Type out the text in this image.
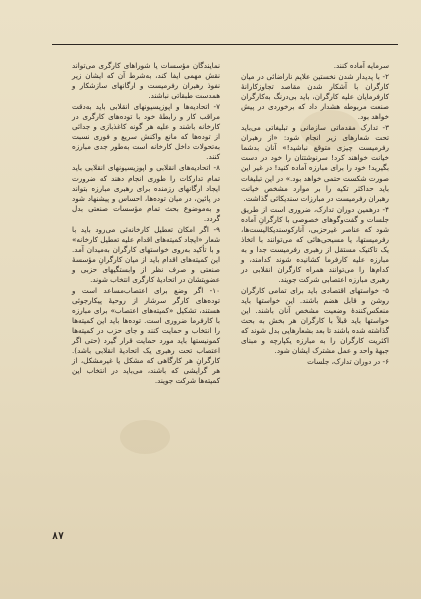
سرمایه آماده کنند.

۲- با پدیدار شدن نخستین علایم ناراضائی در میان کارگران با آشکار شدن مقاصد تجاوزکارانهٔ کارفرمایان علیه کارگران، باید بی‌درنگ به‌کارگران صنعت مربوطه هشدار داد که برخوردی در پیش خواهد بود.

۳- تدارک مقدماتی سازمانی و تبلیغاتی می‌باید تحت شعارهای زیر انجام شود: «از رهبران رفرمیست چیزی متوقع نباشید!» آنان بدشما خیانت خواهند کرد! سرنوشتتان را خود در دست بگیرید! خود را برای مبارزه آماده کنید! در غیر این صورت شکست حتمی خواهد بود.» در این تبلیغات باید حداکثر تکیه را بر موارد مشخص خیانت رهبران رفرمیست در مبارزات سندیکائی گذاشت.

۴- درهمین دوران تدارک، ضروری است از طریق جلسات و گفت‌وگوهای خصوصی با کارگرانِ آماده شود که عناصر غیرحزبی، آنارکوسندیکالیست‌ها، رفرمیستها، یا مسیحی‌هائی که می‌توانند با اتخاذ یک تاکتیک مستقل از رهبری رفرمیست جدا و به مبارزه علیه کارفرما کشانیده شوند کدامند، و کدام‌ها را می‌توانند همراه کارگران انقلابی در رهبری مبارزه اعتصابی شرکت جویند.

۵- خواستهای اقتصادی باید برای تمامی کارگران روشن و قابل هضم باشند. این خواستها باید منعکس‌کنندهٔ وضعیت مشخص آنان باشند. این خواستها باید قبلاً با کارگران هر بخش به بحث گذاشته شده باشند تا بعد بشعارهایی بدل شوند که اکثریت کارگران را به مبارزه یکپارچه و مبنای جبههٔ واحد و عمل مشترک ایشان شود.

۶- در دوران تدارک، جلسات

نمایندگان مؤسسات یا شوراهای کارگری می‌تواند نقش مهمی ایفا کند، به‌شرط آن که ایشان زیر نفوذ رهبران رفرمیست و ارگانهای سازشکار و همدست طبقاتی نباشند.

۷- اتحادیه‌ها و اپوزیسیونهای انقلابی باید به‌دقت مراقب کار و رابطهٔ خود با توده‌های کارگری در کارخانه باشند و علیه هر گونه کاغذبازی و جدائی از توده‌ها که مانع واکنش سریع و فوری نسبت به‌تحولات داخل کارخانه است به‌طور جدی مبارزه کنند.

۸- اتحادیه‌های انقلابی و اپوزیسیونهای انقلابی باید تمام تدارکات را طوری انجام دهند که ضرورت ایجاد ارگانهای رزمنده برای رهبری مبارزه بتواند در پائین، در میان توده‌ها، احساس و پیشنهاد شود و به‌موضوع بحث تمام مؤسسات صنعتی بدل گردد.

۹- اگر امکان تعطیل کارخانه‌ئی می‌رود باید با شعار «ایجاد کمیته‌های اقدام علیه تعطیل کارخانه» و با تأکید به‌روی خواستهای کارگران به‌میدان آمد. این کمیته‌های اقدام باید از میان کارگرانِ مؤسسهٔ صنعتی و صرف نظر از وابستگیهای حزبی و عضویتشان در اتحادیهٔ کارگری انتخاب شوند.

۱۰- اگر وضع برای اعتصاب‌مساعد است و توده‌های کارگر سرشار از روحیهٔ پیکارجوئی هستند، تشکیل «کمیته‌های اعتصاب» برای مبارزه با کارفرما ضروری است. توده‌ها باید این کمیته‌ها را انتخاب و حمایت کنند و جای حزب در کمیته‌ها کمونیستها باید مورد حمایت قرار گیرد (حتی اگر اعتصاب تحت رهبری یک اتحادیهٔ انقلابی باشد). کارگرانِ هر کارگاهی که مشکل یا غیرمشکل، از هر گرایشی که باشند، می‌باید در انتخاب این کمیته‌ها شرکت جویند.

۸۷
